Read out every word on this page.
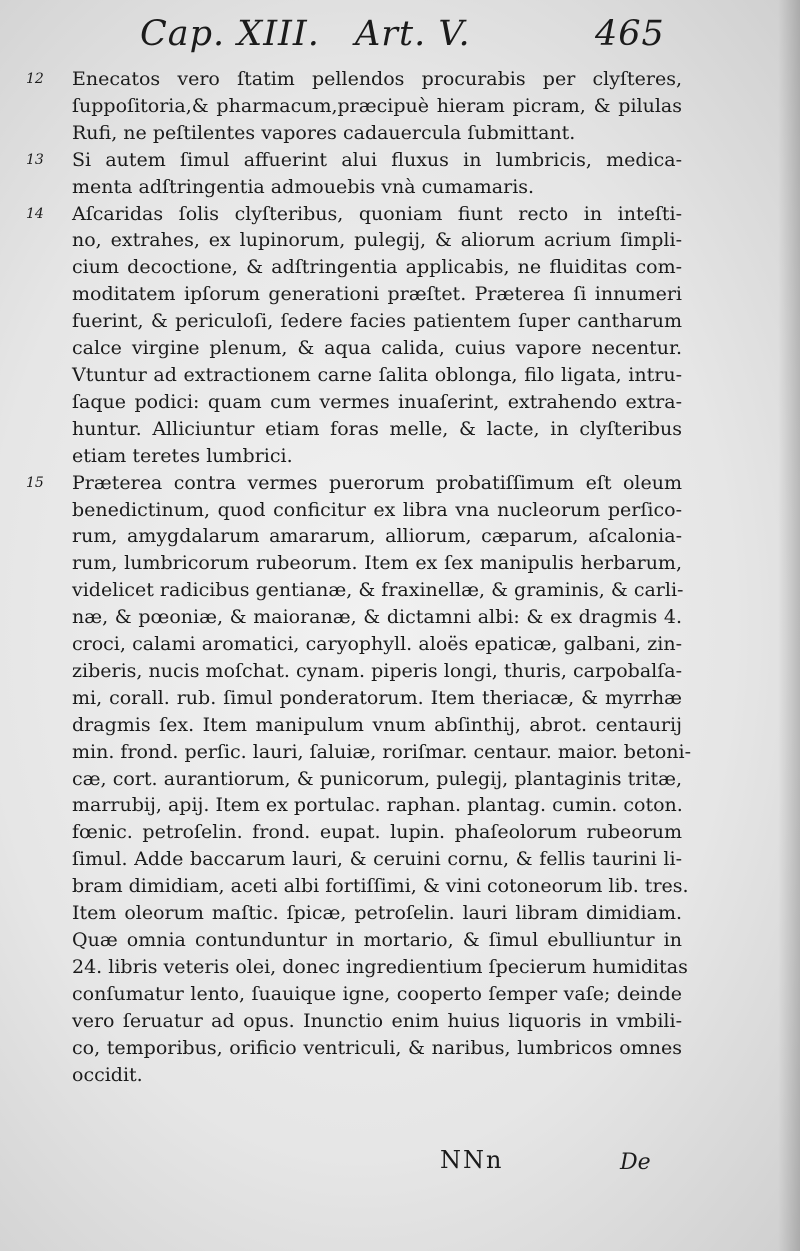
Cap. XIII. Art. V.	465
12 Enecatos vero ſtatim pellendos procurabis per clyſteres,
ſuppoſitoria,& pharmacum,præcipuè hieram picram, & pilulas
Rufi, ne peſtilentes vapores cadauercula ſubmittant.
13 Si autem ſimul affuerint alui fluxus in lumbricis, medica-
menta adſtringentia admouebis vnà cumamaris.
14 Aſcaridas ſolis clyſteribus, quoniam fiunt recto in inteſti-
no, extrahes, ex lupinorum, pulegij, & aliorum acrium ſimpli-
cium decoctione, & adſtringentia applicabis, ne fluiditas com-
moditatem ipſorum generationi præſtet. Præterea ſi innumeri
fuerint, & periculoſi, ſedere facies patientem ſuper cantharum
calce virgine plenum, & aqua calida, cuius vapore necentur.
Vtuntur ad extractionem carne ſalita oblonga, filo ligata, intru-
ſaque podici: quam cum vermes inuaſerint, extrahendo extra-
huntur. Alliciuntur etiam foras melle, & lacte, in clyſteribus
etiam teretes lumbrici.
15 Præterea contra vermes puerorum probatiſſimum eſt oleum
benedictinum, quod conficitur ex libra vna nucleorum perſico-
rum, amygdalarum amararum, alliorum, cæparum, aſcalonia-
rum, lumbricorum rubeorum. Item ex ſex manipulis herbarum,
videlicet radicibus gentianæ, & fraxinellæ, & graminis, & carli-
næ, & pœoniæ, & maioranæ, & dictamni albi: & ex dragmis 4.
croci, calami aromatici, caryophyll. aloës epaticæ, galbani, zin-
ziberis, nucis moſchat. cynam. piperis longi, thuris, carpobalſa-
mi, corall. rub. ſimul ponderatorum. Item theriacæ, & myrrhæ
dragmis ſex. Item manipulum vnum abſinthij, abrot. centaurij
min. frond. perſic. lauri, ſaluiæ, roriſmar. centaur. maior. betoni-
cæ, cort. aurantiorum, & punicorum, pulegij, plantaginis tritæ,
marrubij, apij. Item ex portulac. raphan. plantag. cumin. coton.
fœnic. petroſelin. frond. eupat. lupin. phaſeolorum rubeorum
ſimul. Adde baccarum lauri, & ceruini cornu, & fellis taurini li-
bram dimidiam, aceti albi fortiſſimi, & vini cotoneorum lib. tres.
Item oleorum maſtic. ſpicæ, petroſelin. lauri libram dimidiam.
Quæ omnia contunduntur in mortario, & ſimul ebulliuntur in
24. libris veteris olei, donec ingredientium ſpecierum humiditas
conſumatur lento, ſuauique igne, cooperto ſemper vaſe; deinde
vero ſeruatur ad opus. Inunctio enim huius liquoris in vmbili-
co, temporibus, orificio ventriculi, & naribus, lumbricos omnes
occidit.
NNn	De
